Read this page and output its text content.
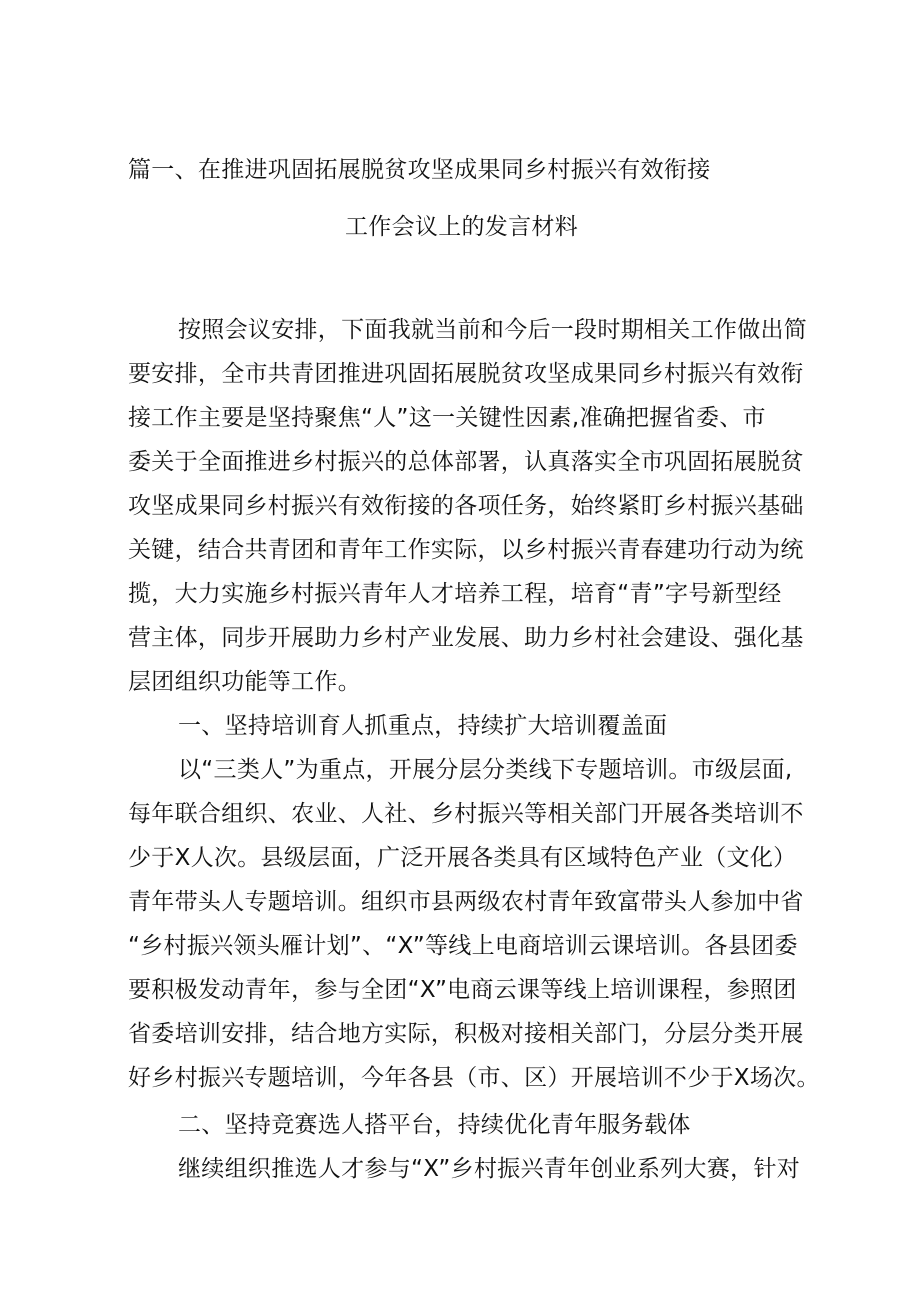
篇一、在推进巩固拓展脱贫攻坚成果同乡村振兴有效衔接
工作会议上的发言材料
按照会议安排，下面我就当前和今后一段时期相关工作做出简
要安排，全市共青团推进巩固拓展脱贫攻坚成果同乡村振兴有效衔
接工作主要是坚持聚焦“人”这一关键性因素,准确把握省委、市
委关于全面推进乡村振兴的总体部署，认真落实全市巩固拓展脱贫
攻坚成果同乡村振兴有效衔接的各项任务，始终紧盯乡村振兴基础
关键，结合共青团和青年工作实际，以乡村振兴青春建功行动为统
揽，大力实施乡村振兴青年人才培养工程，培育“青”字号新型经
营主体，同步开展助力乡村产业发展、助力乡村社会建设、强化基
层团组织功能等工作。
一、坚持培训育人抓重点，持续扩大培训覆盖面
以“三类人”为重点，开展分层分类线下专题培训。市级层面,
每年联合组织、农业、人社、乡村振兴等相关部门开展各类培训不
少于X人次。县级层面，广泛开展各类具有区域特色产业（文化）
青年带头人专题培训。组织市县两级农村青年致富带头人参加中省
“乡村振兴领头雁计划”、“X”等线上电商培训云课培训。各县团委
要积极发动青年，参与全团“X”电商云课等线上培训课程，参照团
省委培训安排，结合地方实际，积极对接相关部门，分层分类开展
好乡村振兴专题培训，今年各县（市、区）开展培训不少于X场次。
二、坚持竞赛选人搭平台，持续优化青年服务载体
继续组织推选人才参与“X”乡村振兴青年创业系列大赛，针对
